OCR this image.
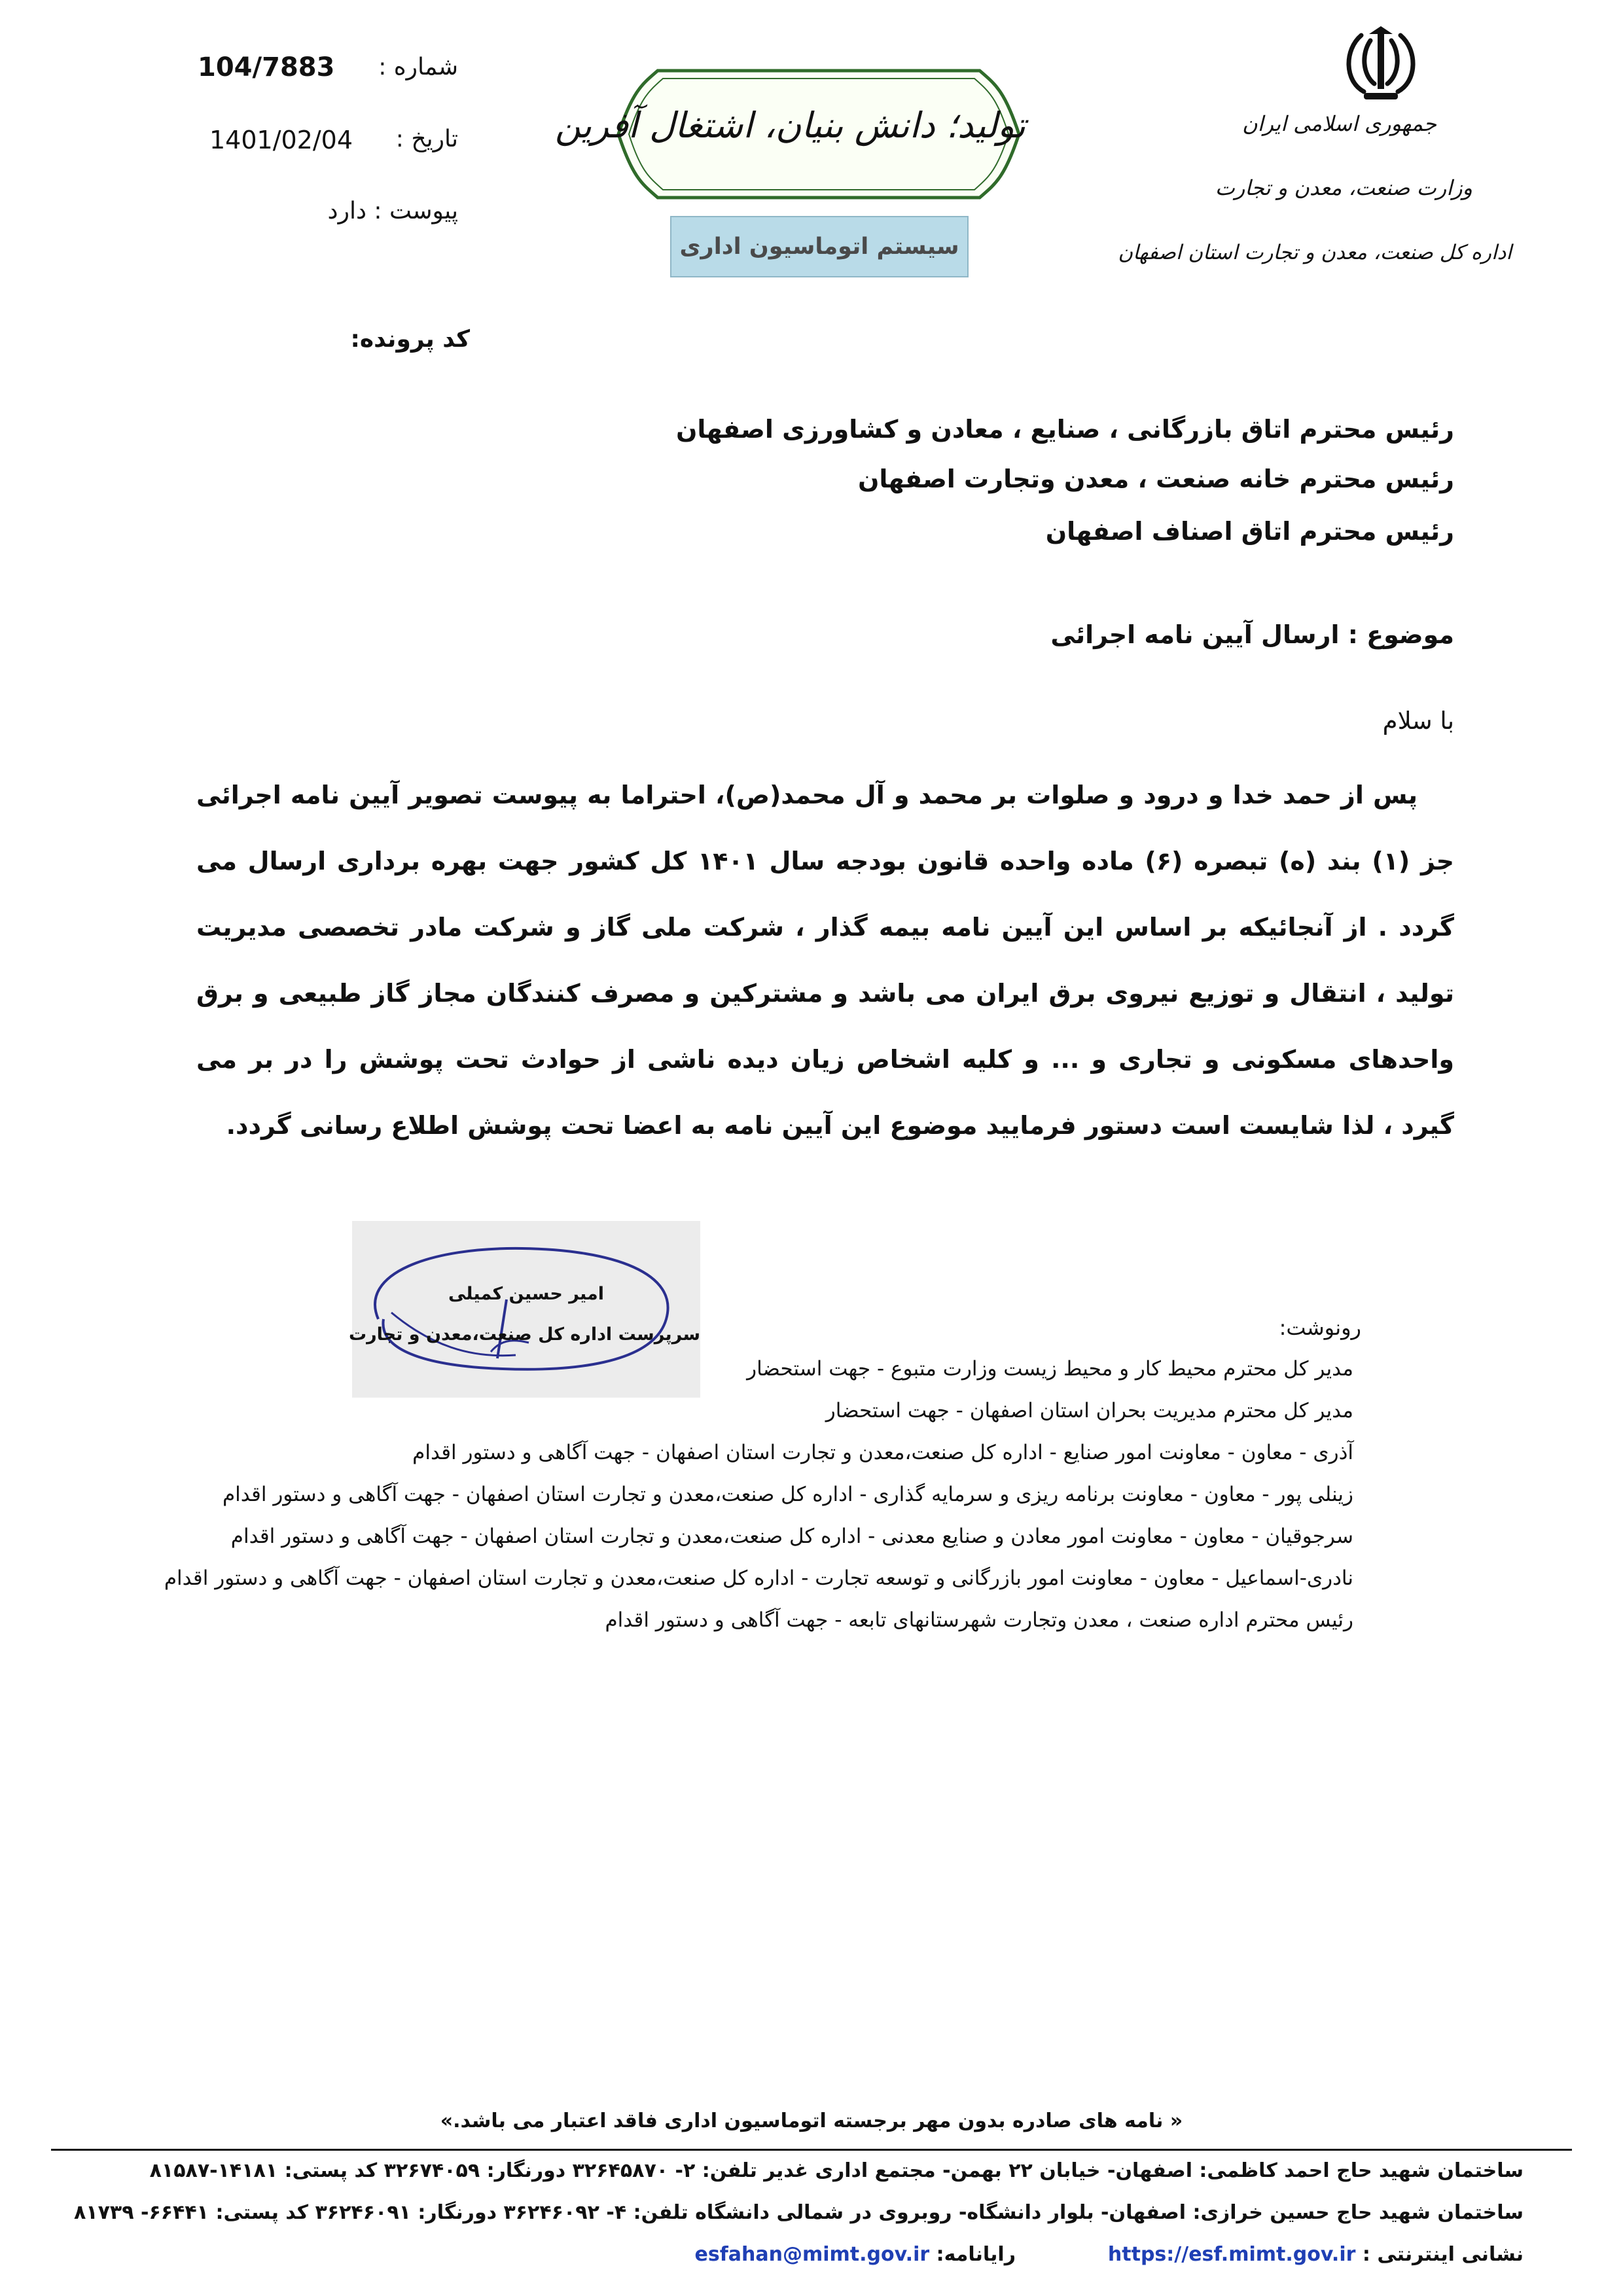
جمهوری اسلامی ایران
وزارت صنعت، معدن و تجارت
اداره کل صنعت، معدن و تجارت استان اصفهان
تولید؛ دانش بنیان، اشتغال آفرین
سیستم اتوماسیون اداری
شماره :
104/7883
تاریخ :
1401/02/04
پیوست : دارد
کد پرونده:
رئیس محترم اتاق بازرگانی ، صنایع ، معادن و کشاورزی اصفهان
رئیس محترم خانه صنعت ، معدن وتجارت اصفهان
رئیس محترم اتاق اصناف اصفهان
موضوع : ارسال آیین نامه اجرائی
با سلام
پس از حمد خدا و درود و صلوات بر محمد و آل محمد(ص)، احتراما به پیوست تصویر آیین نامه اجرائی جز (۱) بند (ه) تبصره (۶) ماده واحده قانون بودجه سال ۱۴۰۱ کل کشور جهت بهره برداری ارسال می گردد . از آنجائیکه بر اساس این آیین نامه بیمه گذار ، شرکت ملی گاز و شرکت مادر تخصصی مدیریت تولید ، انتقال و توزیع نیروی برق ایران می باشد و مشترکین و مصرف کنندگان مجاز گاز طبیعی و برق واحدهای مسکونی و تجاری و ... و کلیه اشخاص زیان دیده ناشی از حوادث تحت پوشش را در بر می گیرد ، لذا شایست است دستور فرمایید موضوع این آیین نامه به اعضا تحت پوشش اطلاع رسانی گردد.
امیر حسین کمیلی
سرپرست اداره کل صنعت،معدن و تجارت	رونوشت:
مدیر کل محترم محیط کار و محیط زیست وزارت متبوع - جهت استحضار
مدیر کل محترم مدیریت بحران استان اصفهان - جهت استحضار
آذری - معاون - معاونت امور صنایع - اداره کل صنعت،معدن و تجارت استان اصفهان - جهت آگاهی و دستور اقدام
زینلی پور - معاون - معاونت برنامه ریزی و سرمایه گذاری - اداره کل صنعت،معدن و تجارت استان اصفهان - جهت آگاهی و دستور اقدام
سرجوقیان - معاون - معاونت امور معادن و صنایع معدنی - اداره کل صنعت،معدن و تجارت استان اصفهان - جهت آگاهی و دستور اقدام
نادری-اسماعیل - معاون - معاونت امور بازرگانی و توسعه تجارت - اداره کل صنعت،معدن و تجارت استان اصفهان - جهت آگاهی و دستور اقدام
رئیس محترم اداره صنعت ، معدن وتجارت شهرستانهای تابعه - جهت آگاهی و دستور اقدام
« نامه های صادره بدون مهر برجسته اتوماسیون اداری فاقد اعتبار می باشد.»
ساختمان شهید حاج احمد کاظمی: اصفهان- خیابان ۲۲ بهمن- مجتمع اداری غدیر تلفن: ۲- ۳۲۶۴۵۸۷۰ دورنگار: ۳۲۶۷۴۰۵۹ کد پستی: ۱۴۱۸۱-۸۱۵۸۷
ساختمان شهید حاج حسین خرازی: اصفهان- بلوار دانشگاه- روبروی در شمالی دانشگاه تلفن: ۴- ۳۶۲۴۶۰۹۲ دورنگار: ۳۶۲۴۶۰۹۱ کد پستی: ۶۶۴۴۱- ۸۱۷۳۹
نشانی اینترنتی : https://esf.mimt.gov.ir  رایانامه: esfahan@mimt.gov.ir
